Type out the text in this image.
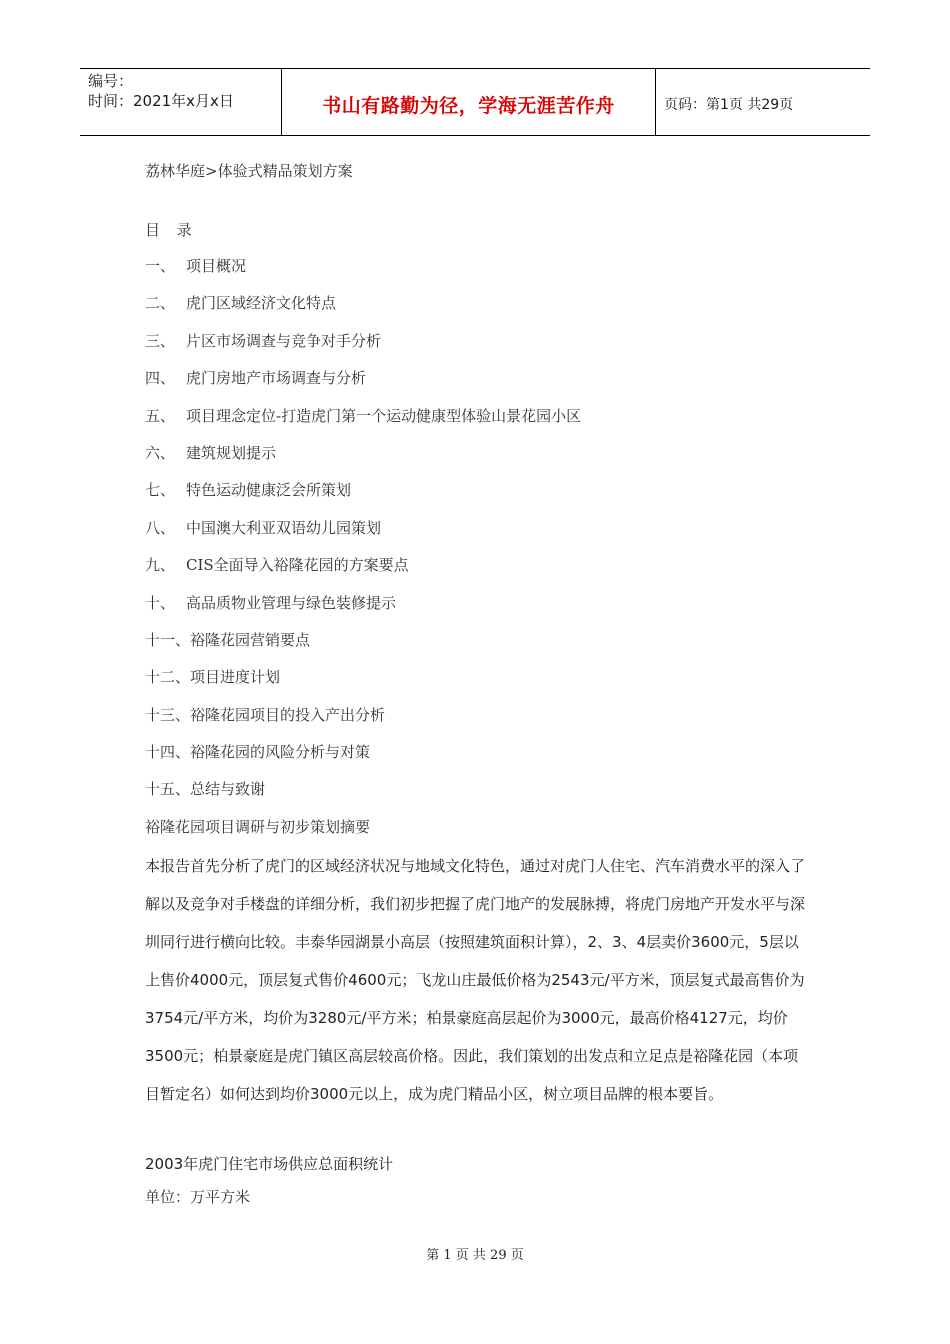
编号：
时间：2021年x月x日	书山有路勤为径，学海无涯苦作舟	页码：第1页 共29页
荔林华庭>体验式精品策划方案
目 录
一、 项目概况
二、 虎门区域经济文化特点
三、 片区市场调查与竞争对手分析
四、 虎门房地产市场调查与分析
五、 项目理念定位-打造虎门第一个运动健康型体验山景花园小区
六、 建筑规划提示
七、 特色运动健康泛会所策划
八、 中国澳大利亚双语幼儿园策划
九、 CIS全面导入裕隆花园的方案要点
十、 高品质物业管理与绿色装修提示
十一、裕隆花园营销要点
十二、项目进度计划
十三、裕隆花园项目的投入产出分析
十四、裕隆花园的风险分析与对策
十五、总结与致谢
裕隆花园项目调研与初步策划摘要

本报告首先分析了虎门的区域经济状况与地域文化特色，通过对虎门人住宅、汽车消费水平的深入了解以及竞争对手楼盘的详细分析，我们初步把握了虎门地产的发展脉搏，将虎门房地产开发水平与深圳同行进行横向比较。丰泰华园湖景小高层（按照建筑面积计算），2、3、4层卖价3600元，5层以上售价4000元，顶层复式售价4600元；飞龙山庄最低价格为2543元/平方米，顶层复式最高售价为3754元/平方米，均价为3280元/平方米；柏景豪庭高层起价为3000元，最高价格4127元，均价3500元；柏景豪庭是虎门镇区高层较高价格。因此，我们策划的出发点和立足点是裕隆花园（本项目暂定名）如何达到均价3000元以上，成为虎门精品小区，树立项目品牌的根本要旨。

2003年虎门住宅市场供应总面积统计
单位：万平方米
第 1 页 共 29 页
